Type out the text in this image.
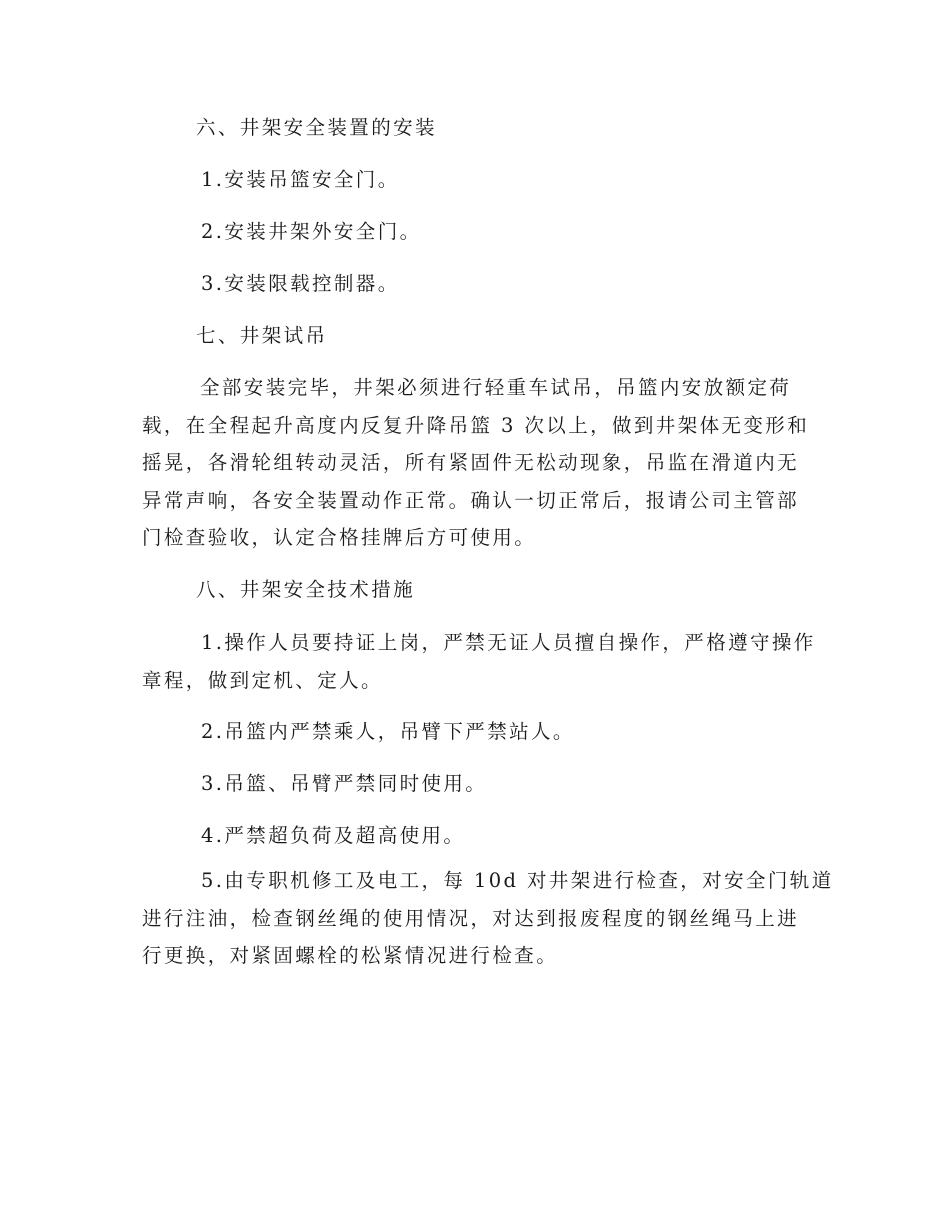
六、井架安全装置的安装
1.安装吊篮安全门。
2.安装井架外安全门。
3.安装限载控制器。
七、井架试吊
全部安装完毕，井架必须进行轻重车试吊，吊篮内安放额定荷
载，在全程起升高度内反复升降吊篮 3 次以上，做到井架体无变形和
摇晃，各滑轮组转动灵活，所有紧固件无松动现象，吊监在滑道内无
异常声响，各安全装置动作正常。确认一切正常后，报请公司主管部
门检查验收，认定合格挂牌后方可使用。
八、井架安全技术措施
1.操作人员要持证上岗，严禁无证人员擅自操作，严格遵守操作
章程，做到定机、定人。
2.吊篮内严禁乘人，吊臂下严禁站人。
3.吊篮、吊臂严禁同时使用。
4.严禁超负荷及超高使用。
5.由专职机修工及电工，每 10d 对井架进行检查，对安全门轨道
进行注油，检查钢丝绳的使用情况，对达到报废程度的钢丝绳马上进
行更换，对紧固螺栓的松紧情况进行检查。
